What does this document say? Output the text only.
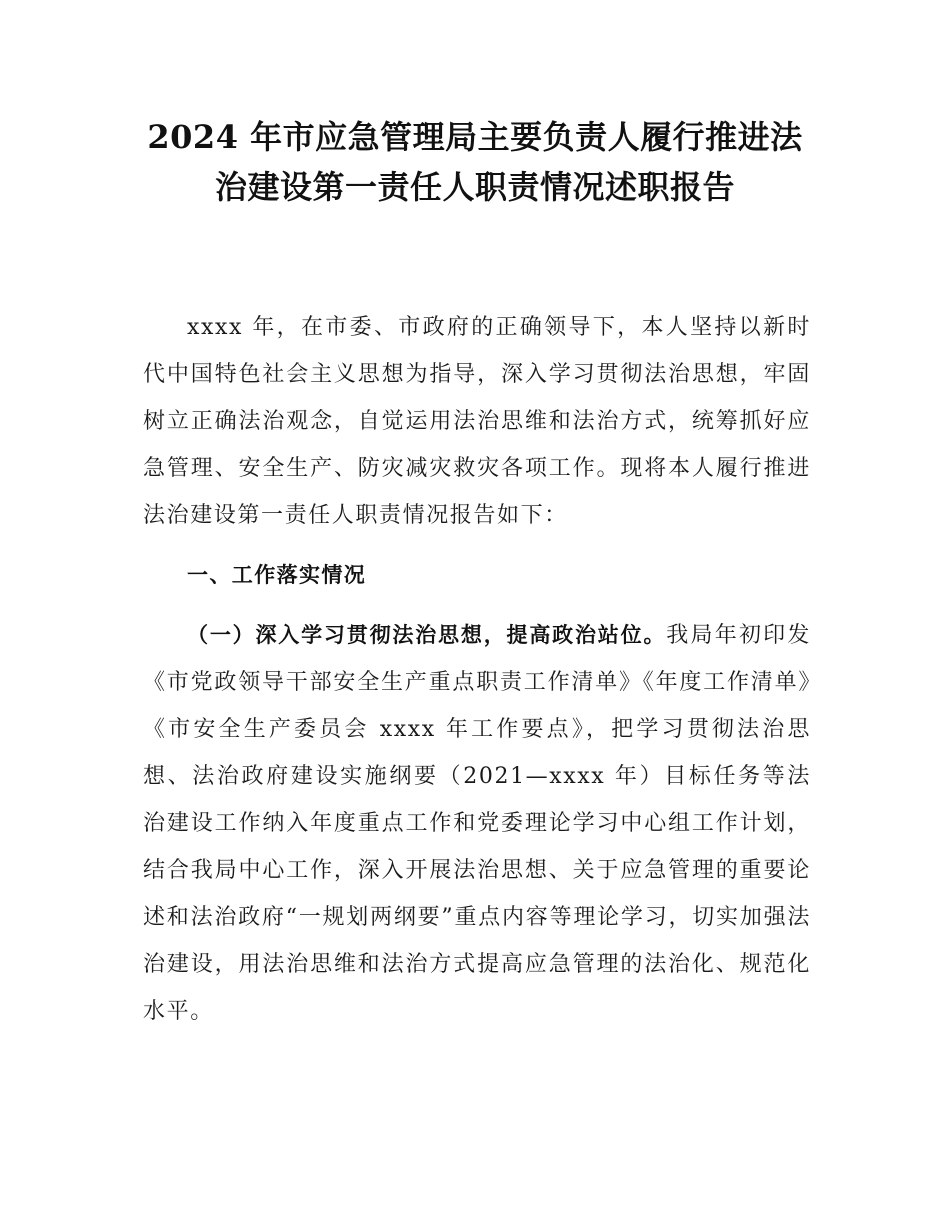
2024 年市应急管理局主要负责人履行推进法
治建设第一责任人职责情况述职报告

xxxx 年，在市委、市政府的正确领导下，本人坚持以新时代中国特色社会主义思想为指导，深入学习贯彻法治思想，牢固树立正确法治观念，自觉运用法治思维和法治方式，统筹抓好应急管理、安全生产、防灾减灾救灾各项工作。现将本人履行推进法治建设第一责任人职责情况报告如下：

一、工作落实情况

（一）深入学习贯彻法治思想，提高政治站位。我局年初印发《市党政领导干部安全生产重点职责工作清单》《年度工作清单》《市安全生产委员会 xxxx 年工作要点》，把学习贯彻法治思想、法治政府建设实施纲要（2021—xxxx 年）目标任务等法治建设工作纳入年度重点工作和党委理论学习中心组工作计划，结合我局中心工作，深入开展法治思想、关于应急管理的重要论述和法治政府“一规划两纲要”重点内容等理论学习，切实加强法治建设，用法治思维和法治方式提高应急管理的法治化、规范化水平。
